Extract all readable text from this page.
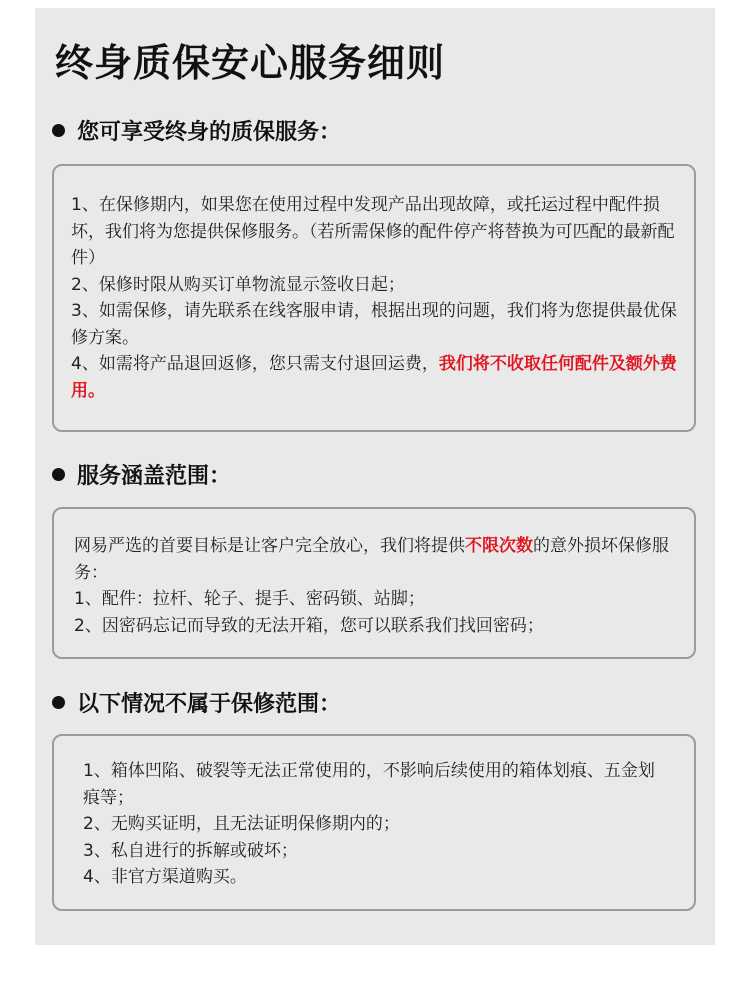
终身质保安心服务细则
您可享受终身的质保服务：

1、在保修期内，如果您在使用过程中发现产品出现故障，或托运过程中配件损坏，我们将为您提供保修服务。（若所需保修的配件停产将替换为可匹配的最新配件）

2、保修时限从购买订单物流显示签收日起；

3、如需保修，请先联系在线客服申请，根据出现的问题，我们将为您提供最优保修方案。

4、如需将产品退回返修，您只需支付退回运费，我们将不收取任何配件及额外费用。

服务涵盖范围：

网易严选的首要目标是让客户完全放心，我们将提供不限次数的意外损坏保修服务：

1、配件：拉杆、轮子、提手、密码锁、站脚；

2、因密码忘记而导致的无法开箱，您可以联系我们找回密码；

以下情况不属于保修范围：

1、箱体凹陷、破裂等无法正常使用的，不影响后续使用的箱体划痕、五金划痕等；

2、无购买证明，且无法证明保修期内的；

3、私自进行的拆解或破坏；

4、非官方渠道购买。
